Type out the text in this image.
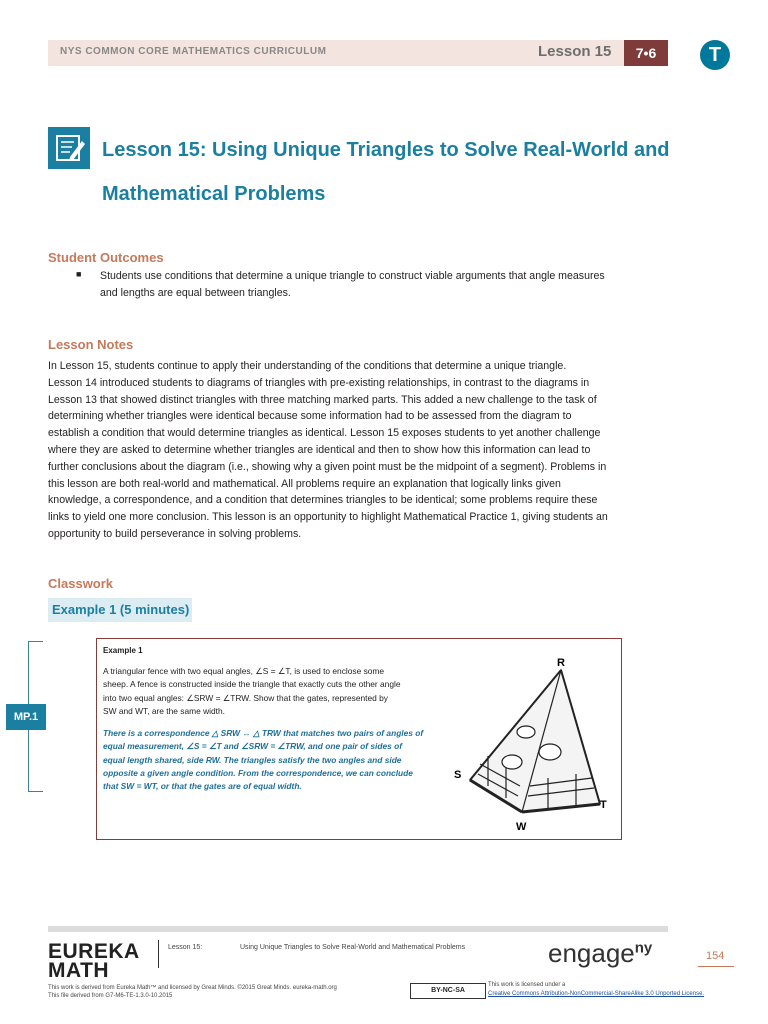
NYS COMMON CORE MATHEMATICS CURRICULUM	Lesson 15	7•6	T
Lesson 15: Using Unique Triangles to Solve Real-World and
Mathematical Problems
Student Outcomes
■ Students use conditions that determine a unique triangle to construct viable arguments that angle measures
and lengths are equal between triangles.
Lesson Notes
In Lesson 15, students continue to apply their understanding of the conditions that determine a unique triangle.
Lesson 14 introduced students to diagrams of triangles with pre-existing relationships, in contrast to the diagrams in
Lesson 13 that showed distinct triangles with three matching marked parts. This added a new challenge to the task of
determining whether triangles were identical because some information had to be assessed from the diagram to
establish a condition that would determine triangles as identical. Lesson 15 exposes students to yet another challenge
where they are asked to determine whether triangles are identical and then to show how this information can lead to
further conclusions about the diagram (i.e., showing why a given point must be the midpoint of a segment). Problems in
this lesson are both real-world and mathematical. All problems require an explanation that logically links given
knowledge, a correspondence, and a condition that determines triangles to be identical; some problems require these
links to yield one more conclusion. This lesson is an opportunity to highlight Mathematical Practice 1, giving students an
opportunity to build perseverance in solving problems.
Classwork
Example 1 (5 minutes)
MP.1
Example 1
A triangular fence with two equal angles, ∠S = ∠T, is used to enclose some
sheep. A fence is constructed inside the triangle that exactly cuts the other angle
into two equal angles: ∠SRW = ∠TRW. Show that the gates, represented by
SW and WT, are the same width.
There is a correspondence △ SRW ↔ △ TRW that matches two pairs of angles of
equal measurement, ∠S = ∠T and ∠SRW = ∠TRW, and one pair of sides of
equal length shared, side RW. The triangles satisfy the two angles and side
opposite a given angle condition. From the correspondence, we can conclude
that SW = WT, or that the gates are of equal width.
R
S
T
W
EUREKA
MATH
Lesson 15:	Using Unique Triangles to Solve Real-World and Mathematical Problems	engage$^{ny}$	154
This work is derived from Eureka Math™ and licensed by Great Minds. ©2015 Great Minds. eureka-math.org
This file derived from G7-M6-TE-1.3.0-10.2015
BY-NC-SA
This work is licensed under a
Creative Commons Attribution-NonCommercial-ShareAlike 3.0 Unported License.
